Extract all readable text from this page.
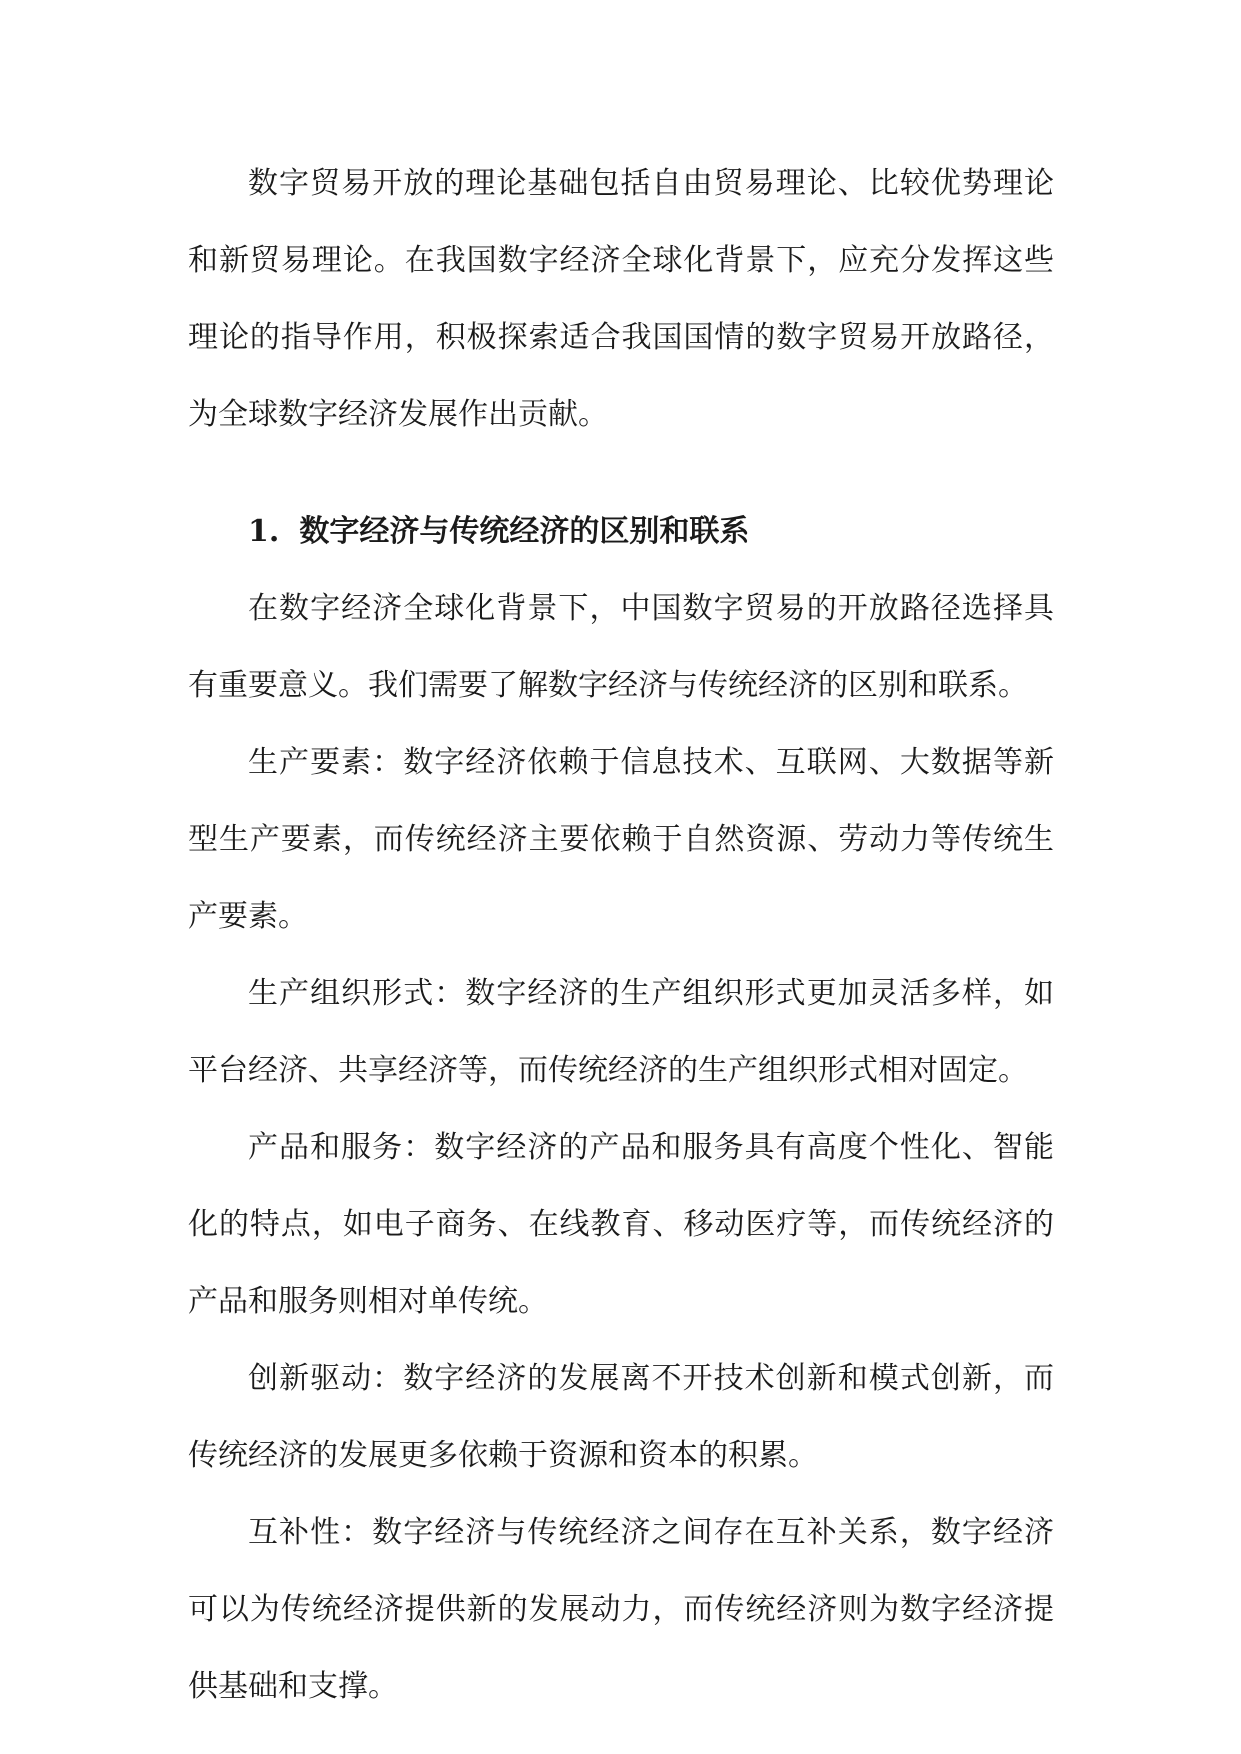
数字贸易开放的理论基础包括自由贸易理论、比较优势理论和新贸易理论。在我国数字经济全球化背景下，应充分发挥这些理论的指导作用，积极探索适合我国国情的数字贸易开放路径，为全球数字经济发展作出贡献。

1. 数字经济与传统经济的区别和联系

在数字经济全球化背景下，中国数字贸易的开放路径选择具有重要意义。我们需要了解数字经济与传统经济的区别和联系。

生产要素：数字经济依赖于信息技术、互联网、大数据等新型生产要素，而传统经济主要依赖于自然资源、劳动力等传统生产要素。

生产组织形式：数字经济的生产组织形式更加灵活多样，如平台经济、共享经济等，而传统经济的生产组织形式相对固定。

产品和服务：数字经济的产品和服务具有高度个性化、智能化的特点，如电子商务、在线教育、移动医疗等，而传统经济的产品和服务则相对单传统。

创新驱动：数字经济的发展离不开技术创新和模式创新，而传统经济的发展更多依赖于资源和资本的积累。

互补性：数字经济与传统经济之间存在互补关系，数字经济可以为传统经济提供新的发展动力，而传统经济则为数字经济提供基础和支撑。
